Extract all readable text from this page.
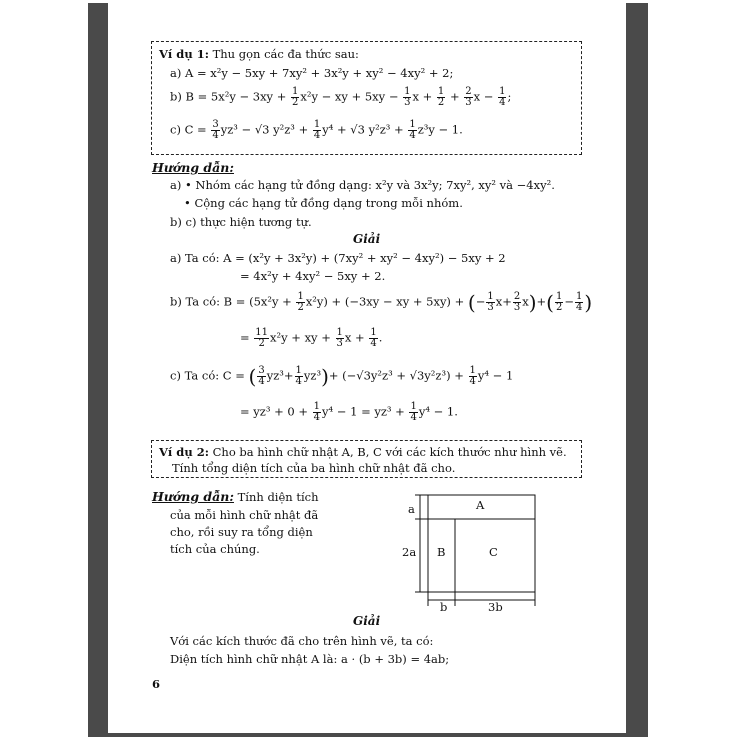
Ví dụ 1: Thu gọn các đa thức sau:
a) A = x²y − 5xy + 7xy² + 3x²y + xy² − 4xy² + 2;
b) $B = 5x^2y - 3xy + \frac{1}{2} x^2y$ − xy + $5xy - \frac{1}{3}$ $x + \frac{1}{2} + \frac{2}{3}$ $x - \frac{1}{4}$ ;
c) $C = \frac{3}{4} yz^3 - √3$ $y^2z^3 + \frac{1}{4} y^4 + √3$ $y^2z^3 + \frac{1}{4} z^3y - 1$.
Hướng dẫn:
a) • Nhóm các hạng tử đồng dạng: x²y và 3x²y; 7xy², xy² và −4xy².
• Cộng các hạng tử đồng dạng trong mỗi nhóm.
b) c) thực hiện tương tự.
Giải
a) Ta có: A = (x²y + 3x²y) + (7xy² + xy² − 4xy²) − 5xy + 2
= 4x²y + 4xy² − 5xy + 2.
b) Ta có: $B = (5x^2y + \frac{1}{2} x^2y) + (-3xy$ − xy + 5xy) + (− $\frac{1}{3} x+ \frac{2}{3} x)+( \frac{1}{2} - \frac{1}{4}$ )
= $\frac{11}{2} x^2y$ + xy + $\frac{1}{3}$ $x + \frac{1}{4}$ .
c) Ta có: C = ( $\frac{3}{4} yz^3+ \frac{1}{4} yz^3)+ (-√3y^2z^3 + √3y^2z^3) + \frac{1}{4} y^4 - 1$
= $yz^3 + 0 + \frac{1}{4} y^4 - 1 = yz^3 + \frac{1}{4} y^4 - 1$.
Ví dụ 2: Cho ba hình chữ nhật A, B, C với các kích thước như hình vẽ.
Tính tổng diện tích của ba hình chữ nhật đã cho.
Hướng dẫn: Tính diện tích
của mỗi hình chữ nhật đã
cho, rồi suy ra tổng diện
tích của chúng.
A
B	C
a
2a
b	3b
Giải
Với các kích thước đã cho trên hình vẽ, ta có:
Diện tích hình chữ nhật A là: a · (b + 3b) = 4ab;
6
